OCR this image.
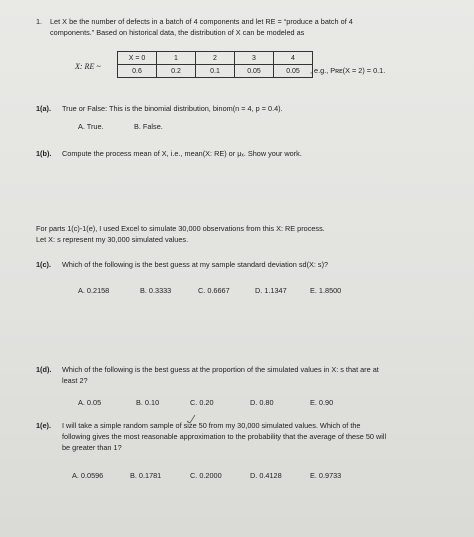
1. Let X be the number of defects in a batch of 4 components and let RE = “produce a batch of 4
components.” Based on historical data, the distribution of X can be modeled as
X: RE ~
X = 0	1	2	3	4
0.6	0.2	0.1	0.05	0.05 , e.g., Pʀᴇ(X = 2) = 0.1.
1(a). True or False: This is the binomial distribution, binom(n = 4, p = 0.4).
A. True.	B. False.
1(b). Compute the process mean of X, i.e., mean(X: RE) or μₓ. Show your work.
For parts 1(c)-1(e), I used Excel to simulate 30,000 observations from this X: RE process.
Let X: s represent my 30,000 simulated values.
1(c). Which of the following is the best guess at my sample standard deviation sd(X: s)?
A. 0.2158	B. 0.3333	C. 0.6667	D. 1.1347	E. 1.8500
1(d). Which of the following is the best guess at the proportion of the simulated values in X: s that are at
least 2?
A. 0.05	B. 0.10	C. 0.20	D. 0.80	E. 0.90
1(e). I will take a simple random sample of size 50 from my 30,000 simulated values. Which of the
following gives the most reasonable approximation to the probability that the average of these 50 will
be greater than 1?
A. 0.0596	B. 0.1781	C. 0.2000	D. 0.4128	E. 0.9733
